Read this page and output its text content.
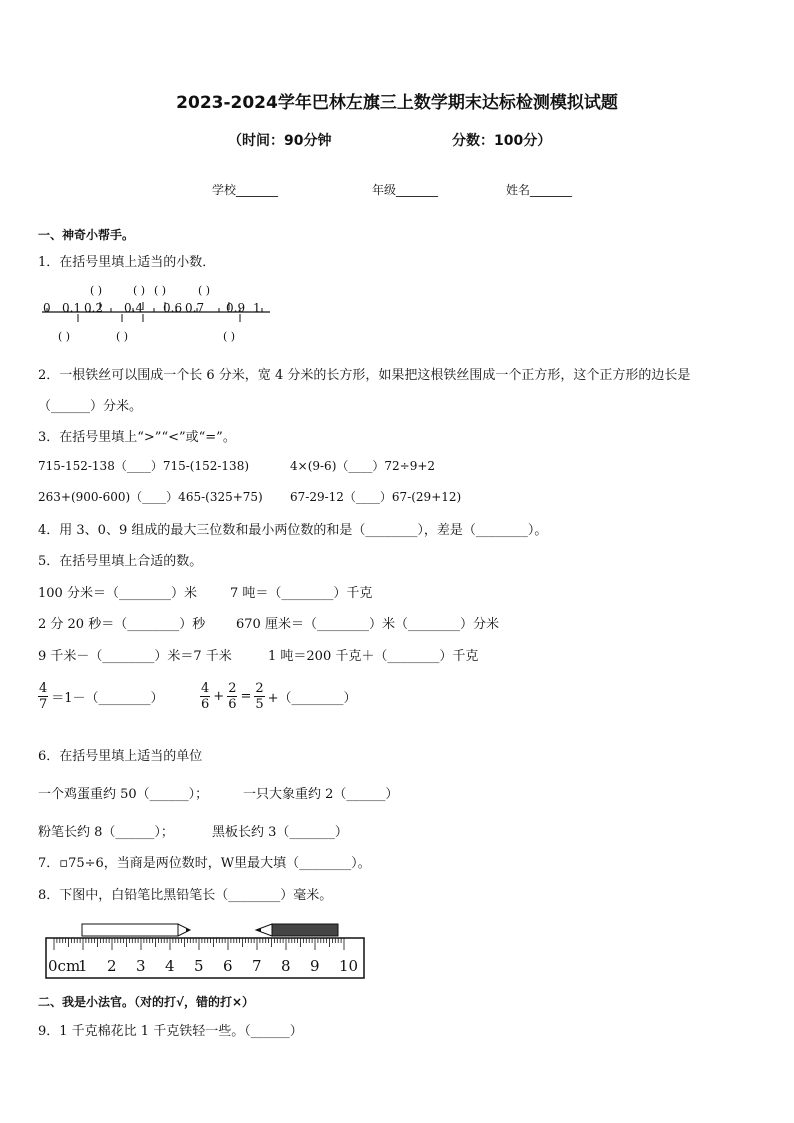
2023-2024学年巴林左旗三上数学期末达标检测模拟试题
（时间：90分钟	分数：100分）
学校_______	年级_______	姓名_______
一、神奇小帮手。
1．在括号里填上适当的小数．
0 0.1 0.2 0.4 0.6 0.7 0.9 1
( )	( ) ( )	( )
( )	( )	( )
2．一根铁丝可以围成一个长 6 分米，宽 4 分米的长方形，如果把这根铁丝围成一个正方形，这个正方形的边长是
（______）分米。
3．在括号里填上“>”“<”或“=”。
715-152-138（____）715-(152-138)	4×(9-6)（____）72÷9+2
263+(900-600)（____）465-(325+75) 67-29-12（____）67-(29+12)
4．用 3、0、9 组成的最大三位数和最小两位数的和是（________），差是（________）。
5．在括号里填上合适的数。
100 分米＝（________）米	7 吨＝（________）千克
2 分 20 秒＝（________）秒 670 厘米＝（________）米（________）分米
9 千米－（________）米＝7 千米	1 吨＝200 千克＋（________）千克
$\frac{4}{7}$ ＝1－（________）	$\frac{4}{6} + \frac{2}{6} = \frac{2}{5}$ +（________）
6．在括号里填上适当的单位
一个鸡蛋重约 50（______）；	一只大象重约 2（______）
粉笔长约 8（______）；	黑板长约 3（_______）
7．▫75÷6，当商是两位数时，W里最大填（________）。
8．下图中，白铅笔比黑铅笔长（________）毫米。
0cm
1 2 3 4 5 6 7 8 9 10
二、我是小法官。（对的打√，错的打×）
9．1 千克棉花比 1 千克铁轻一些。（______）
